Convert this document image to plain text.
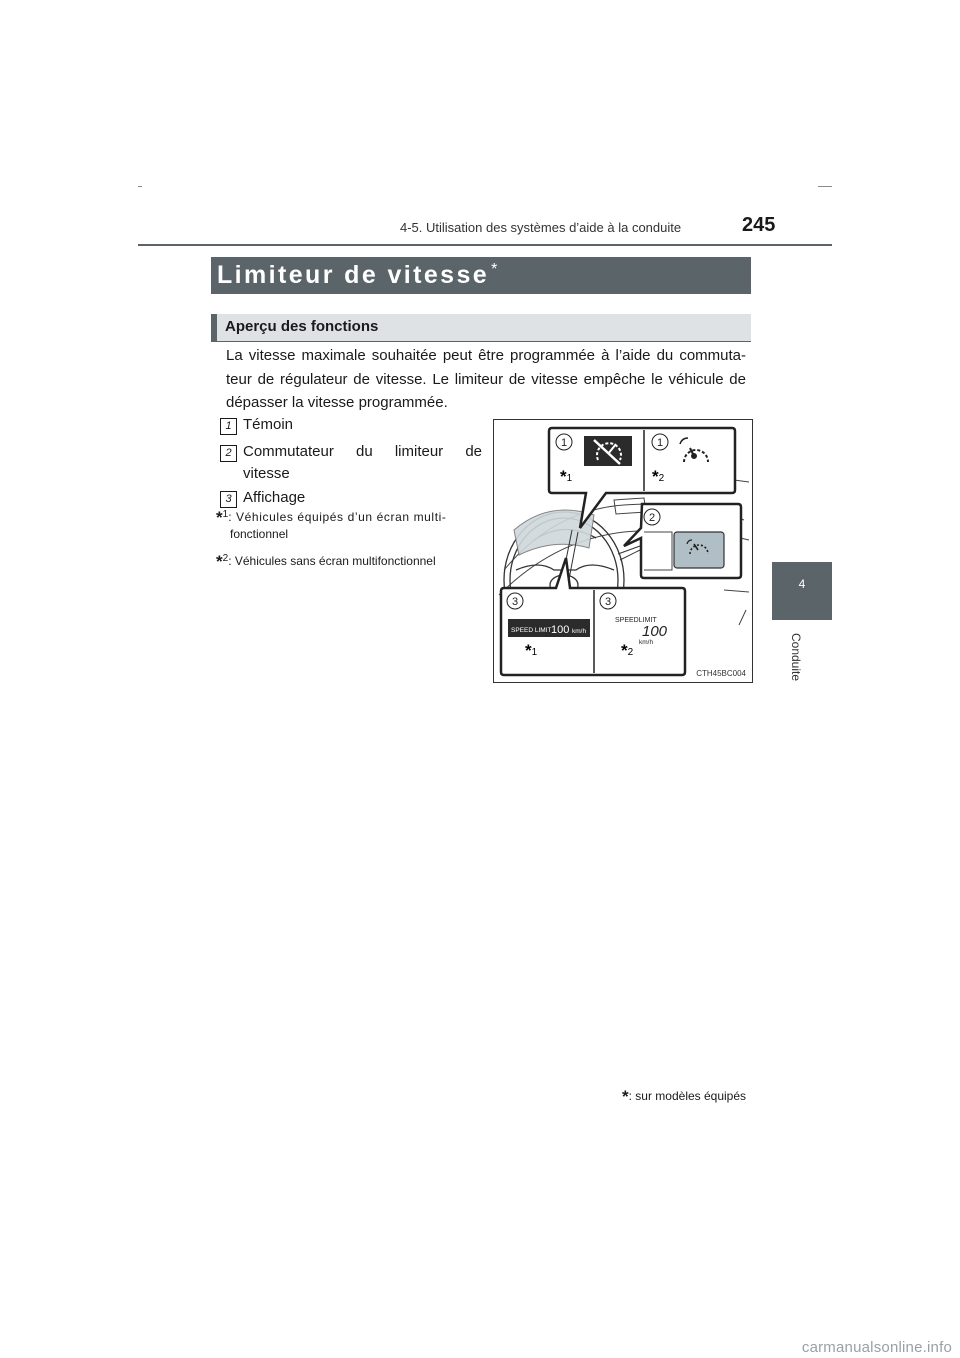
4-5. Utilisation des systèmes d’aide à la conduite	245
4
Conduite
Limiteur de vitesse *
Aperçu des fonctions
La vitesse maximale souhaitée peut être programmée à l’aide du commuta-teur de régulateur de vitesse. Le limiteur de vitesse empêche le véhicule de dépasser la vitesse programmée.
1 Témoin
2 Commutateur du limiteur de
vitesse
3 Affichage
*$^1$: Véhicules équipés d’un écran multi-
fonctionnel
*$^2$: Véhicules sans écran multifonctionnel
1	1
*1	*2
2
3	3
SPEED LIMIT 100 km/h
SPEEDLIMIT
100
km/h
*1	*2
CTH45BC004
*: sur modèles équipés
carmanualsonline.info
